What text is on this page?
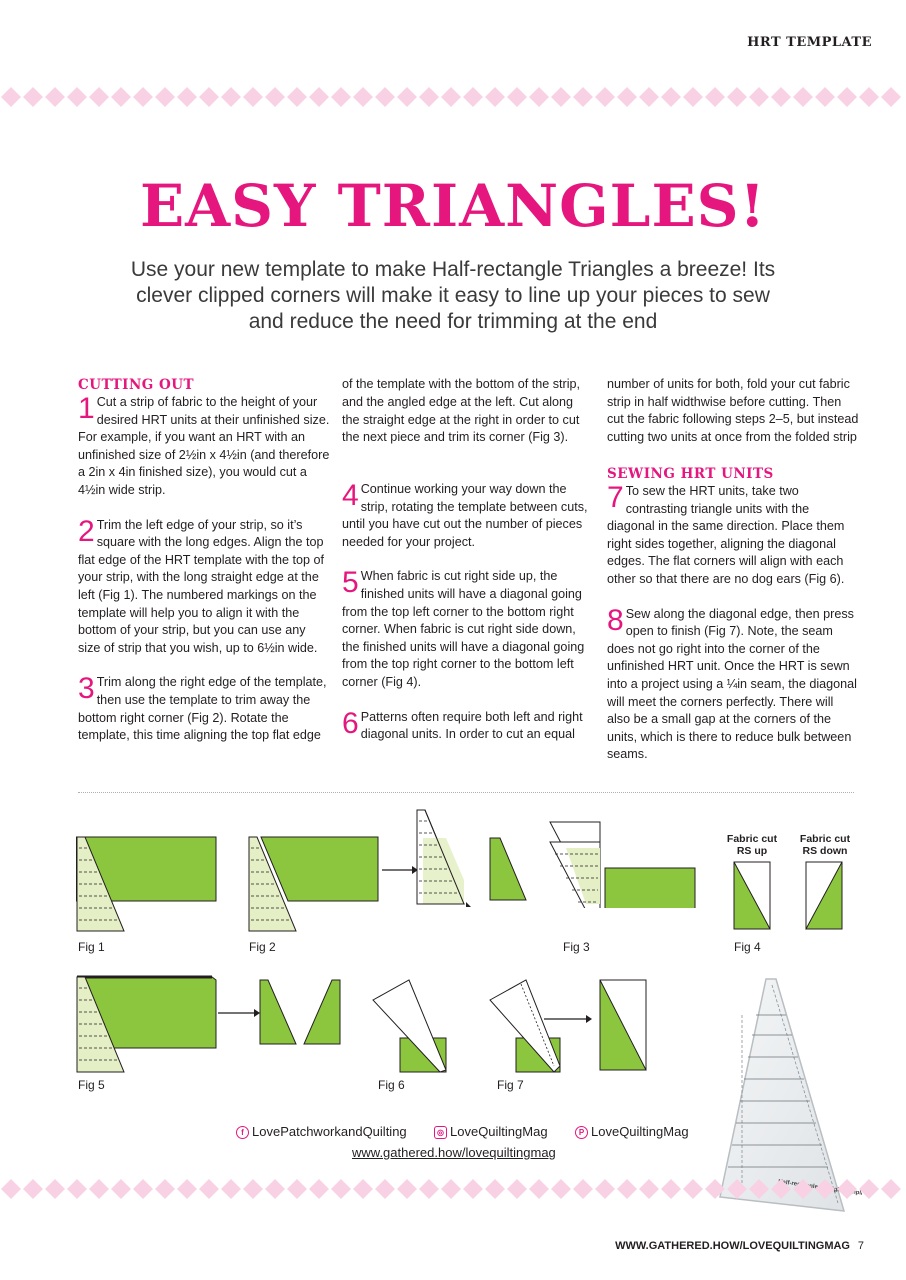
HRT TEMPLATE
EASY TRIANGLES!

Use your new template to make Half-rectangle Triangles a breeze! Its clever clipped corners will make it easy to line up your pieces to sew and reduce the need for trimming at the end

CUTTING OUT

1 Cut a strip of fabric to the height of your desired HRT units at their unfinished size. For example, if you want an HRT with an unfinished size of 2½in x 4½in (and therefore a 2in x 4in finished size), you would cut a 4½in wide strip.

2 Trim the left edge of your strip, so it’s square with the long edges. Align the top flat edge of the HRT template with the top of your strip, with the long straight edge at the left (Fig 1). The numbered markings on the template will help you to align it with the bottom of your strip, but you can use any size of strip that you wish, up to 6½in wide.

3 Trim along the right edge of the template, then use the template to trim away the bottom right corner (Fig 2). Rotate the template, this time aligning the top flat edge

of the template with the bottom of the strip, and the angled edge at the left. Cut along the straight edge at the right in order to cut the next piece and trim its corner (Fig 3).

4 Continue working your way down the strip, rotating the template between cuts, until you have cut out the number of pieces needed for your project.

5 When fabric is cut right side up, the finished units will have a diagonal going from the top left corner to the bottom right corner. When fabric is cut right side down, the finished units will have a diagonal going from the top right corner to the bottom left corner (Fig 4).

6 Patterns often require both left and right diagonal units. In order to cut an equal

number of units for both, fold your cut fabric strip in half widthwise before cutting. Then cut the fabric following steps 2–5, but instead cutting two units at once from the folded strip

SEWING HRT UNITS

7 To sew the HRT units, take two contrasting triangle units with the diagonal in the same direction. Place them right sides together, aligning the diagonal edges. The flat corners will align with each other so that there are no dog ears (Fig 6).

8 Sew along the diagonal edge, then press open to finish (Fig 7). Note, the seam does not go right into the corner of the unfinished HRT unit. Once the HRT is sewn into a project using a ¼in seam, the diagonal will meet the corners perfectly. There will also be a small gap at the corners of the units, which is there to reduce bulk between seams.

Fig 1	Fig 2	Fig 3
Fabric cut RS up
Fabric cut RS down
Fig 4
Fig 5	Fig 6	Fig 7
f LovePatchworkandQuilting	◎ LoveQuiltingMag	P LoveQuiltingMag
www.gathered.how/lovequiltingmag
WWW.GATHERED.HOW/LOVEQUILTINGMAG 7
